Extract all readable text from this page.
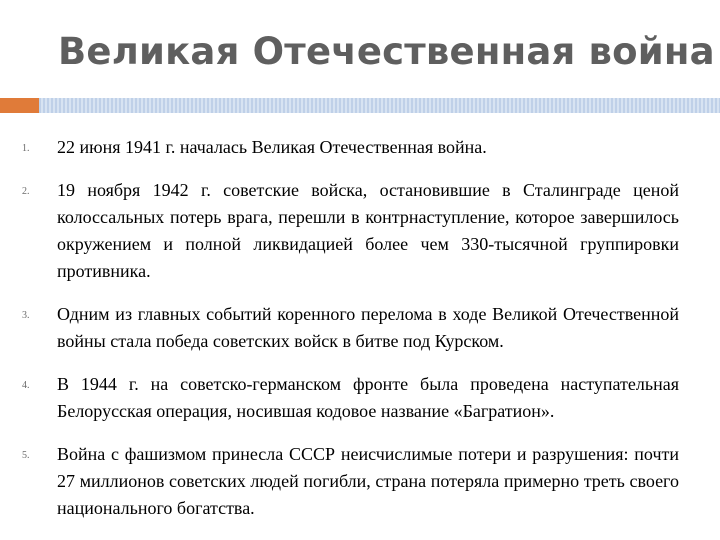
Великая Отечественная война
1. 22 июня 1941 г. началась Великая Отечественная война.

2. 19 ноября 1942 г. советские войска, остановившие в Сталинграде ценой колоссальных потерь врага, перешли в контрнаступление, которое завершилось окружением и полной ликвидацией более чем 330-тысячной группировки противника.

3. Одним из главных событий коренного перелома в ходе Великой Отечественной войны стала победа советских войск в битве под Курском.

4. В 1944 г. на советско-германском фронте была проведена наступательная Белорусская операция, носившая кодовое название «Багратион».

5. Война с фашизмом принесла СССР неисчислимые потери и разрушения: почти 27 миллионов советских людей погибли, страна потеряла примерно треть своего национального богатства.
